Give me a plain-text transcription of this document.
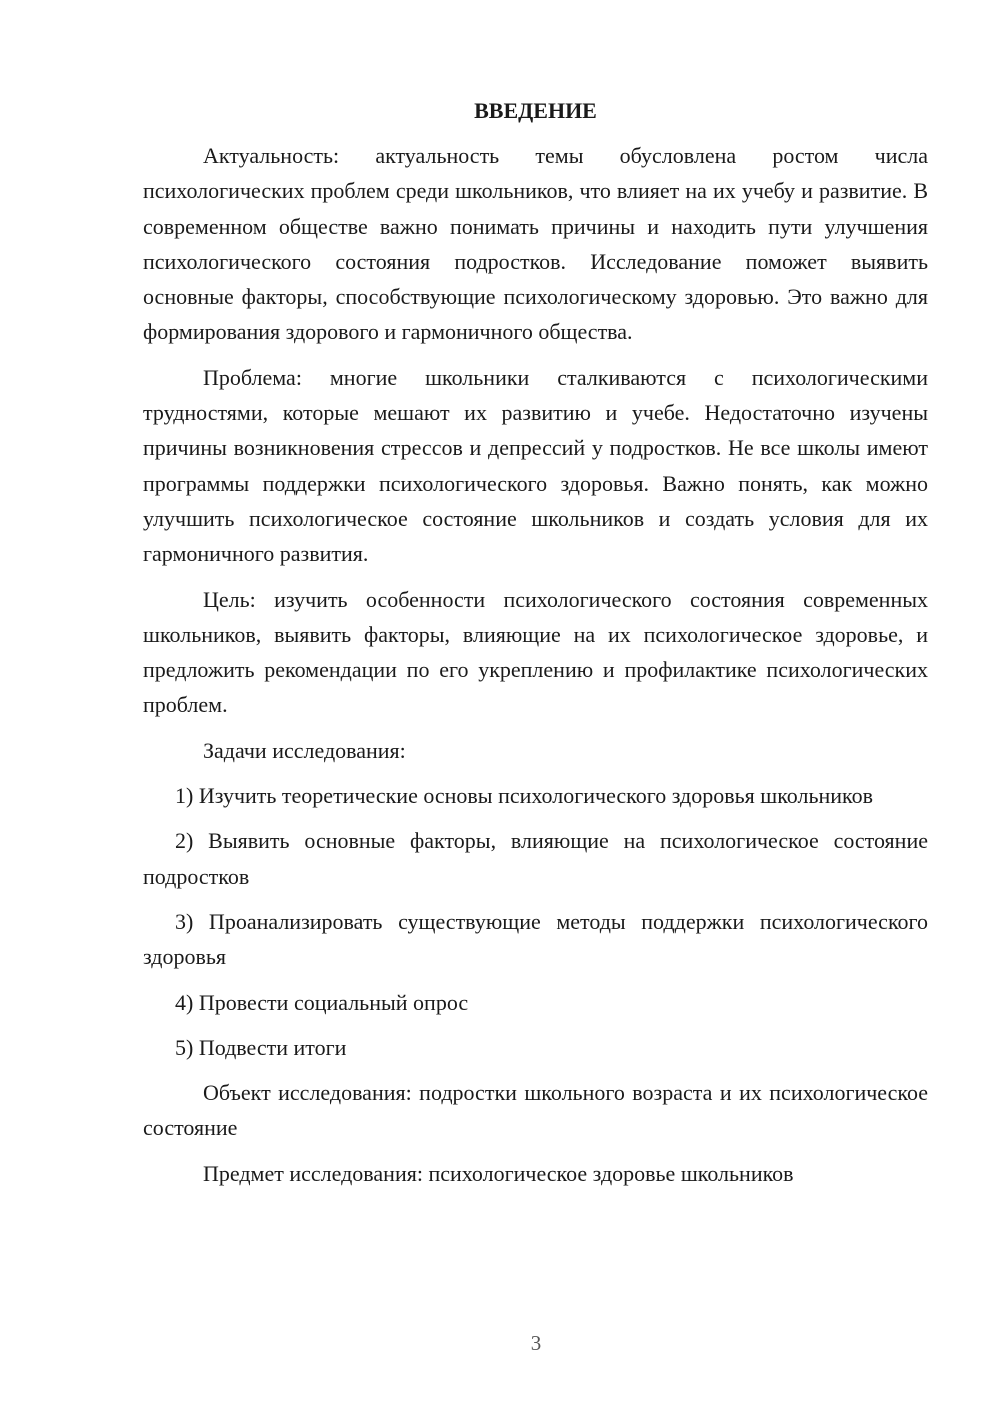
ВВЕДЕНИЕ

Актуальность: актуальность темы обусловлена ростом числа психологических проблем среди школьников, что влияет на их учебу и развитие. В современном обществе важно понимать причины и находить пути улучшения психологического состояния подростков. Исследование поможет выявить основные факторы, способствующие психологическому здоровью. Это важно для формирования здорового и гармоничного общества.

Проблема: многие школьники сталкиваются с психологическими трудностями, которые мешают их развитию и учебе. Недостаточно изучены причины возникновения стрессов и депрессий у подростков. Не все школы имеют программы поддержки психологического здоровья. Важно понять, как можно улучшить психологическое состояние школьников и создать условия для их гармоничного развития.

Цель: изучить особенности психологического состояния современных школьников, выявить факторы, влияющие на их психологическое здоровье, и предложить рекомендации по его укреплению и профилактике психологических проблем.

Задачи исследования:

1) Изучить теоретические основы психологического здоровья школьников

2) Выявить основные факторы, влияющие на психологическое состояние подростков

3) Проанализировать существующие методы поддержки психологического здоровья

4) Провести социальный опрос

5) Подвести итоги

Объект исследования: подростки школьного возраста и их психологическое состояние

Предмет исследования: психологическое здоровье школьников

3
